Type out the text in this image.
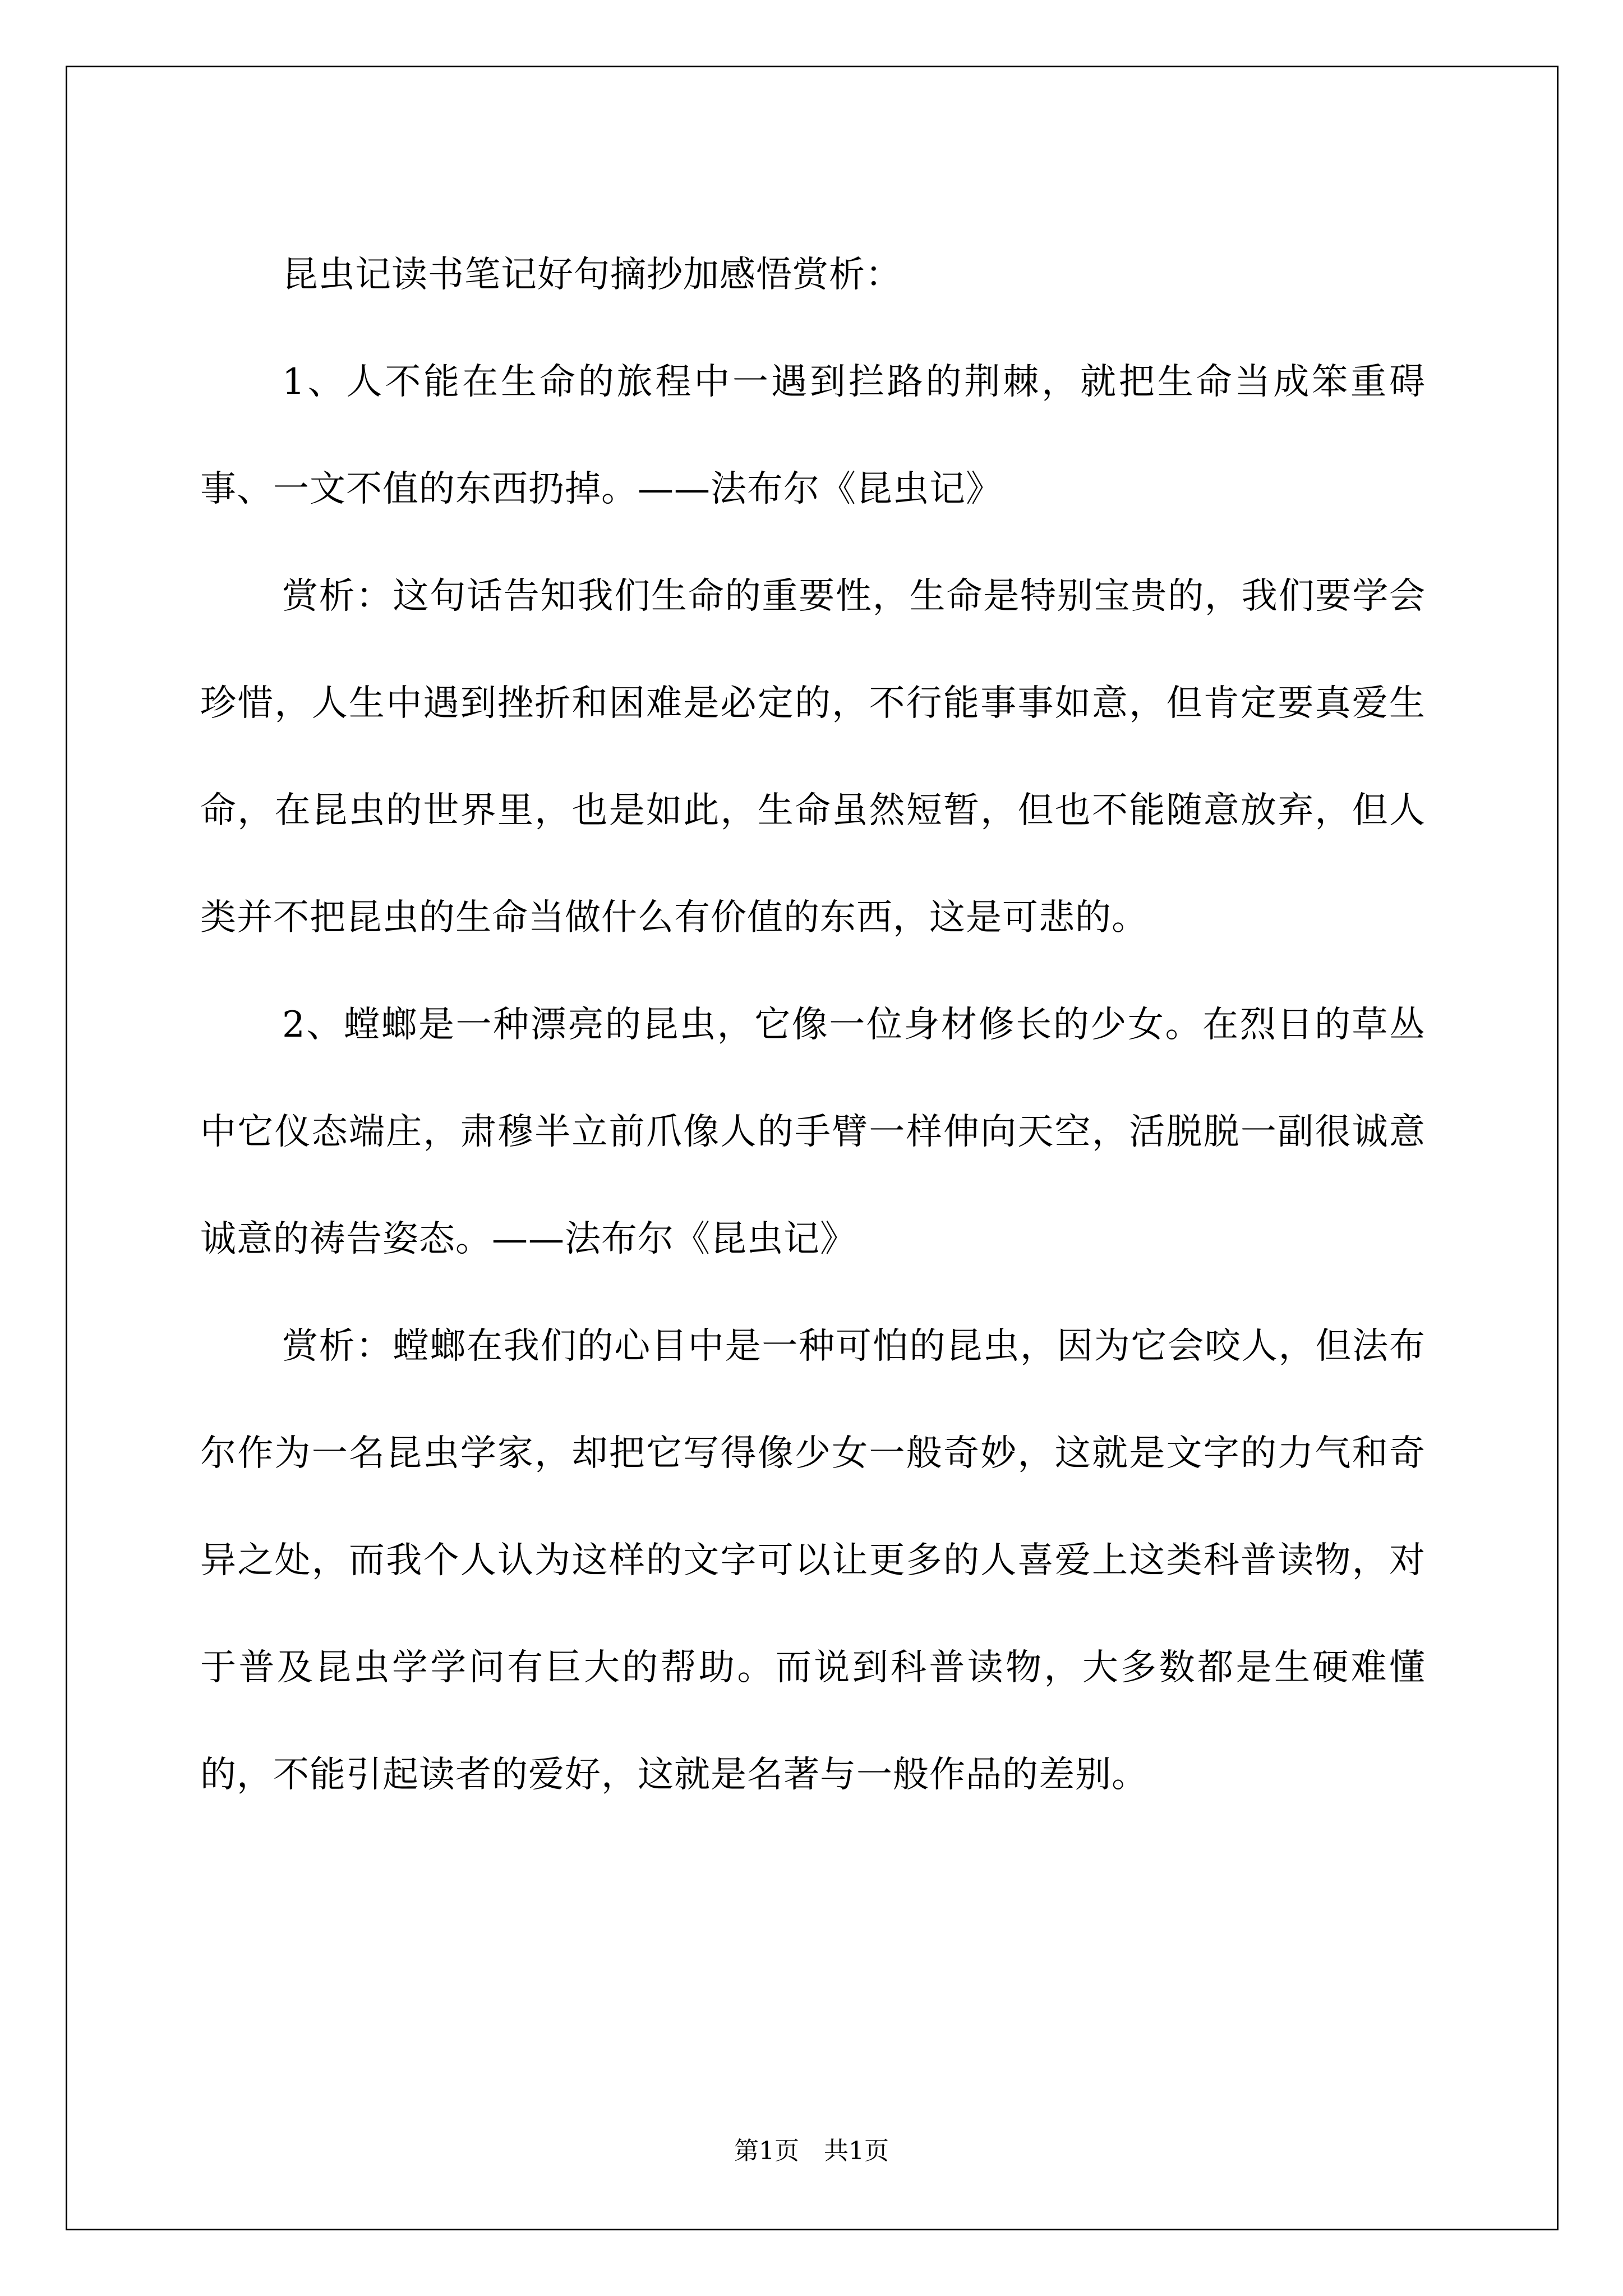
昆虫记读书笔记好句摘抄加感悟赏析：

1、人不能在生命的旅程中一遇到拦路的荆棘，就把生命当成笨重碍事、一文不值的东西扔掉。——法布尔《昆虫记》

赏析：这句话告知我们生命的重要性，生命是特别宝贵的，我们要学会珍惜，人生中遇到挫折和困难是必定的，不行能事事如意，但肯定要真爱生命，在昆虫的世界里，也是如此，生命虽然短暂，但也不能随意放弃，但人类并不把昆虫的生命当做什么有价值的东西，这是可悲的。

2、螳螂是一种漂亮的昆虫，它像一位身材修长的少女。在烈日的草丛中它仪态端庄，肃穆半立前爪像人的手臂一样伸向天空，活脱脱一副很诚意诚意的祷告姿态。——法布尔《昆虫记》

赏析：螳螂在我们的心目中是一种可怕的昆虫，因为它会咬人，但法布尔作为一名昆虫学家，却把它写得像少女一般奇妙，这就是文字的力气和奇异之处，而我个人认为这样的文字可以让更多的人喜爱上这类科普读物，对于普及昆虫学学问有巨大的帮助。而说到科普读物，大多数都是生硬难懂的，不能引起读者的爱好，这就是名著与一般作品的差别。

第1页　共1页
